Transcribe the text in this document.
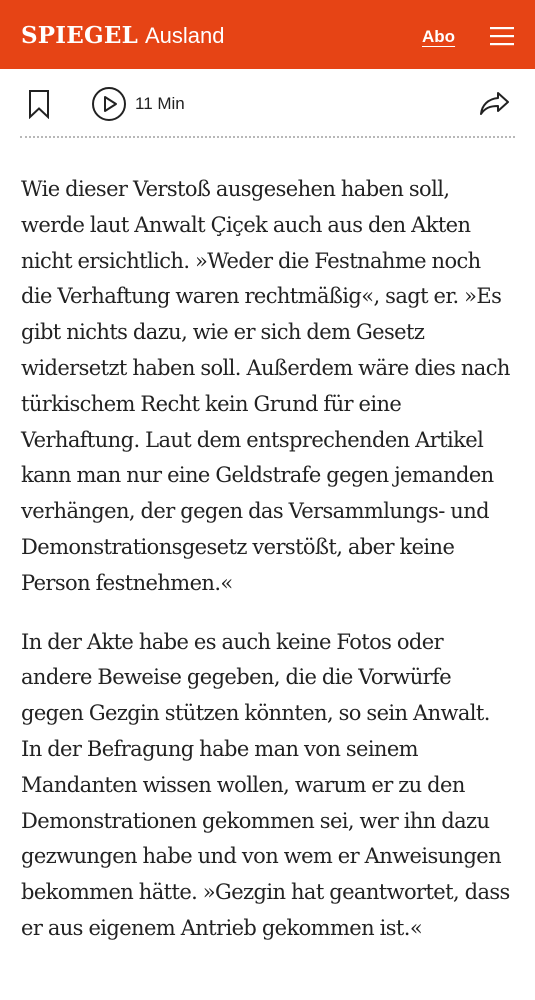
SPIEGEL Ausland	Abo
11 Min

Wie dieser Verstoß ausgesehen haben soll, werde laut Anwalt Çiçek auch aus den Akten nicht ersichtlich. »Weder die Festnahme noch die Verhaftung waren rechtmäßig«, sagt er. »Es gibt nichts dazu, wie er sich dem Gesetz widersetzt haben soll. Außerdem wäre dies nach türkischem Recht kein Grund für eine Verhaftung. Laut dem entsprechenden Artikel kann man nur eine Geldstrafe gegen jemanden verhängen, der gegen das Versammlungs- und Demonstrationsgesetz verstößt, aber keine Person festnehmen.«

In der Akte habe es auch keine Fotos oder andere Beweise gegeben, die die Vorwürfe gegen Gezgin stützen könnten, so sein Anwalt. In der Befragung habe man von seinem Mandanten wissen wollen, warum er zu den Demonstrationen gekommen sei, wer ihn dazu gezwungen habe und von wem er Anweisungen bekommen hätte. »Gezgin hat geantwortet, dass er aus eigenem Antrieb gekommen ist.«
